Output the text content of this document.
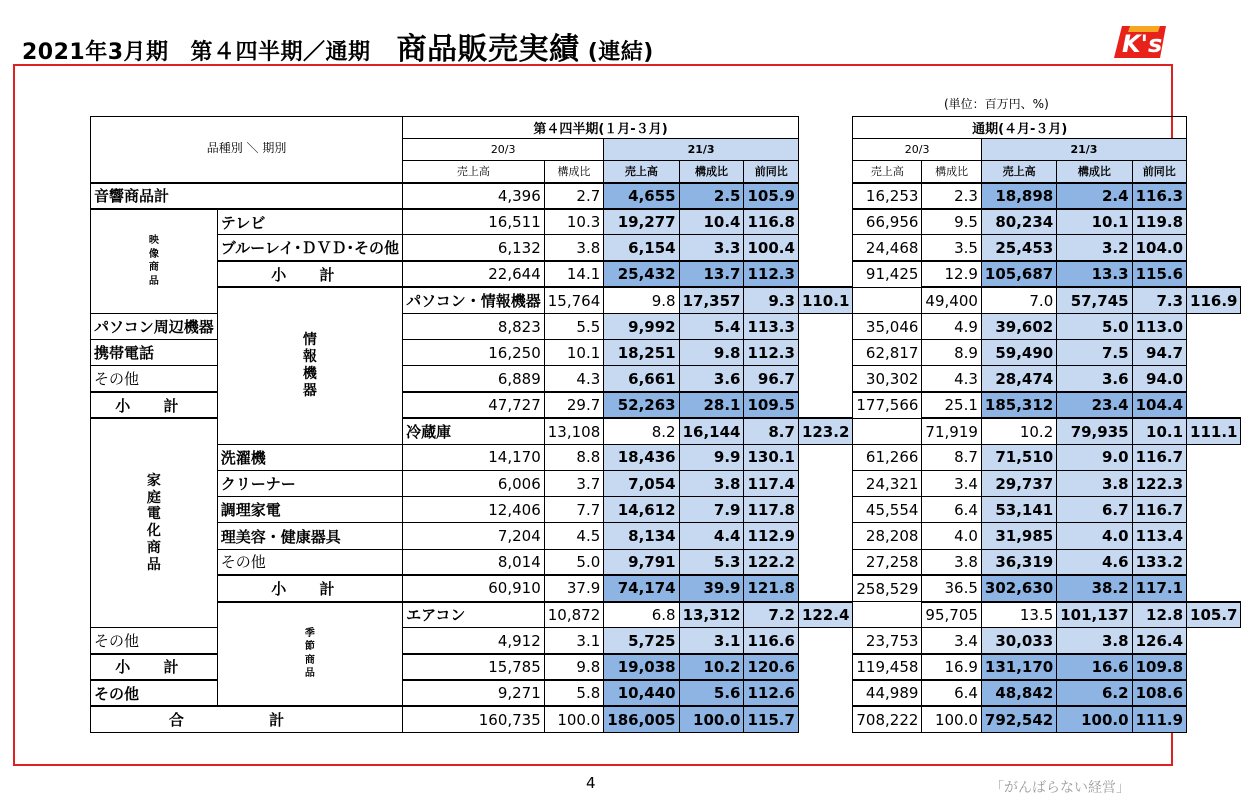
2021年3月期 第４四半期／通期 商品販売実績 (連結)	K's
(単位：百万円、%)
品種別 ＼ 期別		第４四半期(１月-３月)						通期(４月-３月)					
		20/3		21/3				20/3		21/3			
		売上高	構成比	売上高	構成比	前同比		売上高	構成比	売上高	構成比	前同比	
音響商品計		4,396	2.7	4,655	2.5	105.9		16,253	2.3	18,898	2.4	116.3	
映像商品	テレビ	16,511	10.3	19,277	10.4	116.8		66,956	9.5	80,234	10.1	119.8	
	ブルーレイ･ＤＶＤ･その他	6,132	3.8	6,154	3.3	100.4		24,468	3.5	25,453	3.2	104.0	
	小 計	22,644	14.1	25,432	13.7	112.3		91,425	12.9	105,687	13.3	115.6	
	情報機器	パソコン・情報機器	15,764	9.8	17,357	9.3	110.1		49,400	7.0	57,745	7.3	116.9
パソコン周辺機器		8,823	5.5	9,992	5.4	113.3		35,046	4.9	39,602	5.0	113.0	
携帯電話		16,250	10.1	18,251	9.8	112.3		62,817	8.9	59,490	7.5	94.7	
その他		6,889	4.3	6,661	3.6	96.7		30,302	4.3	28,474	3.6	94.0	
小 計		47,727	29.7	52,263	28.1	109.5		177,566	25.1	185,312	23.4	104.4	
家庭電化商品		冷蔵庫	13,108	8.2	16,144	8.7	123.2		71,919	10.2	79,935	10.1	111.1
	洗濯機	14,170	8.8	18,436	9.9	130.1		61,266	8.7	71,510	9.0	116.7	
	クリーナー	6,006	3.7	7,054	3.8	117.4		24,321	3.4	29,737	3.8	122.3	
	調理家電	12,406	7.7	14,612	7.9	117.8		45,554	6.4	53,141	6.7	116.7	
	理美容・健康器具	7,204	4.5	8,134	4.4	112.9		28,208	4.0	31,985	4.0	113.4	
	その他	8,014	5.0	9,791	5.3	122.2		27,258	3.8	36,319	4.6	133.2	
	小 計	60,910	37.9	74,174	39.9	121.8		258,529	36.5	302,630	38.2	117.1	
	季節商品	エアコン	10,872	6.8	13,312	7.2	122.4		95,705	13.5	101,137	12.8	105.7
その他		4,912	3.1	5,725	3.1	116.6		23,753	3.4	30,033	3.8	126.4	
小 計		15,785	9.8	19,038	10.2	120.6		119,458	16.9	131,170	16.6	109.8	
その他		9,271	5.8	10,440	5.6	112.6		44,989	6.4	48,842	6.2	108.6	
合 計		160,735	100.0	186,005	100.0	115.7		708,222	100.0	792,542	100.0	111.9	
4	「がんばらない経営」
